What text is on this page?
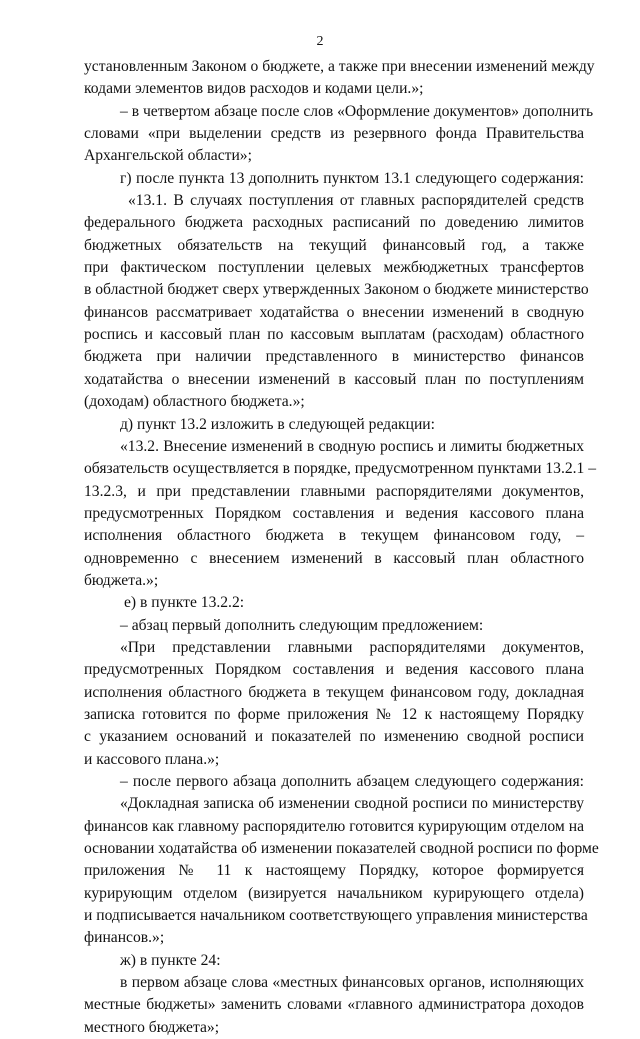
2
установленным Законом о бюджете, а также при внесении изменений между
кодами элементов видов расходов и кодами цели.»;
– в четвертом абзаце после слов «Оформление документов» дополнить
словами «при выделении средств из резервного фонда Правительства
Архангельской области»;
г) после пункта 13 дополнить пунктом 13.1 следующего содержания:
«13.1. В случаях поступления от главных распорядителей средств
федерального бюджета расходных расписаний по доведению лимитов
бюджетных обязательств на текущий финансовый год, а также
при фактическом поступлении целевых межбюджетных трансфертов
в областной бюджет сверх утвержденных Законом о бюджете министерство
финансов рассматривает ходатайства о внесении изменений в сводную
роспись и кассовый план по кассовым выплатам (расходам) областного
бюджета при наличии представленного в министерство финансов
ходатайства о внесении изменений в кассовый план по поступлениям
(доходам) областного бюджета.»;
д) пункт 13.2 изложить в следующей редакции:
«13.2. Внесение изменений в сводную роспись и лимиты бюджетных
обязательств осуществляется в порядке, предусмотренном пунктами 13.2.1 –
13.2.3, и при представлении главными распорядителями документов,
предусмотренных Порядком составления и ведения кассового плана
исполнения областного бюджета в текущем финансовом году, –
одновременно с внесением изменений в кассовый план областного
бюджета.»;
е) в пункте 13.2.2:
– абзац первый дополнить следующим предложением:
«При представлении главными распорядителями документов,
предусмотренных Порядком составления и ведения кассового плана
исполнения областного бюджета в текущем финансовом году, докладная
записка готовится по форме приложения № 12 к настоящему Порядку
с указанием оснований и показателей по изменению сводной росписи
и кассового плана.»;
– после первого абзаца дополнить абзацем следующего содержания:
«Докладная записка об изменении сводной росписи по министерству
финансов как главному распорядителю готовится курирующим отделом на
основании ходатайства об изменении показателей сводной росписи по форме
приложения № 11 к настоящему Порядку, которое формируется
курирующим отделом (визируется начальником курирующего отдела)
и подписывается начальником соответствующего управления министерства
финансов.»;
ж) в пункте 24:
в первом абзаце слова «местных финансовых органов, исполняющих
местные бюджеты» заменить словами «главного администратора доходов
местного бюджета»;
